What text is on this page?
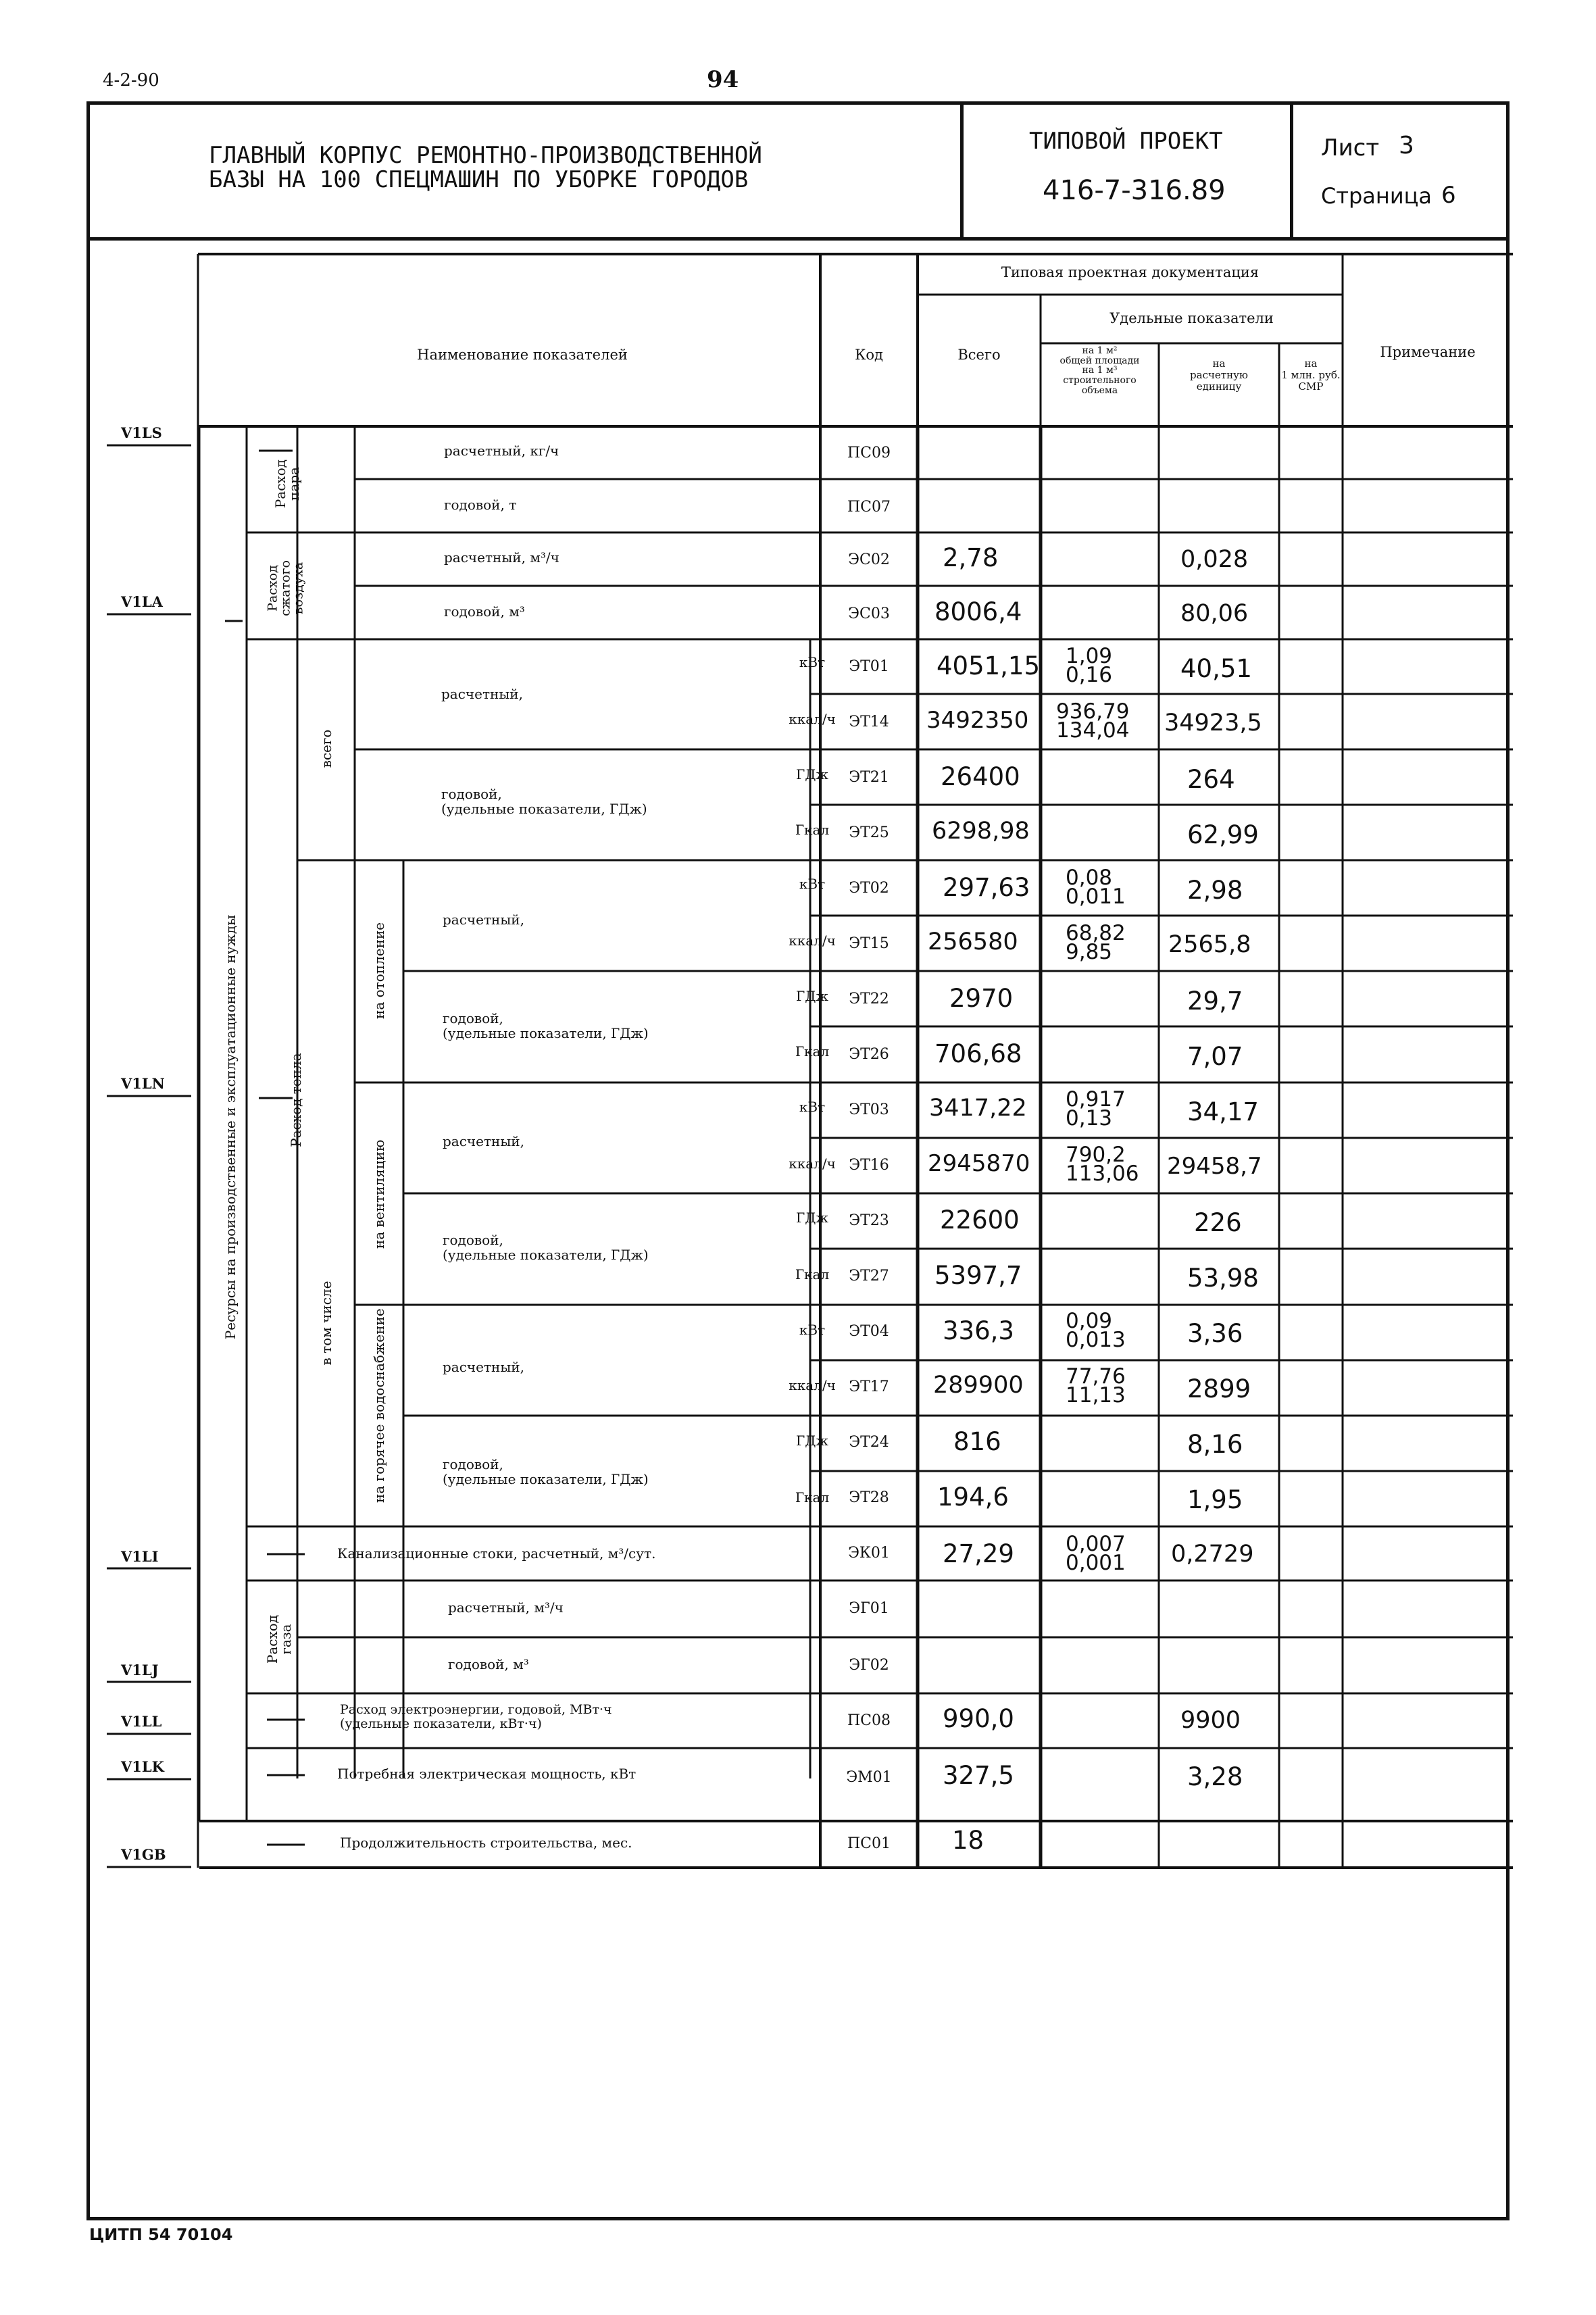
4-2-90	94
ГЛАВНЫЙ КОРПУС РЕМОНТНО-ПРОИЗВОДСТВЕННОЙ
БАЗЫ НА 100 СПЕЦМАШИН ПО УБОРКЕ ГОРОДОВ
ТИПОВОЙ ПРОЕКТ
416-7-316.89
Лист 3
Страница 6
V1LS
V1LA
V1LN
V1LI
V1LJ
V1LL
V1LK
V1GB
Наименование показателей	Код
Типовая проектная документация
Всего
Удельные показатели
на 1 м²
общей площади
на 1 м³
строительного
объема
на
расчетную
единицу
на
1 млн. руб.
СМР
Примечание
Ресурсы на производственные и эксплуатационные нужды
Расход
пара
Расход
сжатого
воздуха
Расход тепла
всего
в том числе
на отопление
на вентиляцию
на горячее водоснабжение
Расход
газа
расчетный, кг/ч
годовой, т
расчетный, м³/ч
годовой, м³
расчетный,
годовой,
(удельные показатели, ГДж)
расчетный,
годовой,
(удельные показатели, ГДж)
расчетный,
годовой,
(удельные показатели, ГДж)
расчетный,
годовой,
(удельные показатели, ГДж)
Канализационные стоки, расчетный, м³/сут.
расчетный, м³/ч
годовой, м³
Расход электроэнергии, годовой, МВт·ч
(удельные показатели, кВт·ч)
Потребная электрическая мощность, кВт
Продолжительность строительства, мес.
кВт
ккал/ч
ГДж
Гкал
кВт
ккал/ч
ГДж
Гкал
кВт
ккал/ч
ГДж
Гкал
кВт
ккал/ч
ГДж
Гкал
ПС09
ПС07
ЭС02
ЭС03
ЭТ01
ЭТ14
ЭТ21
ЭТ25
ЭТ02
ЭТ15
ЭТ22
ЭТ26
ЭТ03
ЭТ16
ЭТ23
ЭТ27
ЭТ04
ЭТ17
ЭТ24
ЭТ28
ЭК01
ЭГ01
ЭГ02
ПС08
ЭМ01
ПС01
2,78
8006,4
4051,15
3492350
26400
6298,98
297,63
256580
2970
706,68
3417,22
2945870
22600
5397,7
336,3
289900
816
194,6
27,29
990,0
327,5
18
1,09
0,16
936,79
134,04
0,08
0,011
68,82
9,85
0,917
0,13
790,2
113,06
0,09
0,013
77,76
11,13
0,007
0,001
0,028
80,06
40,51
34923,5
264
62,99
2,98
2565,8
29,7
7,07
34,17
29458,7
226
53,98
3,36
2899
8,16
1,95
0,2729
9900
3,28
ЦИТП 54 70104
